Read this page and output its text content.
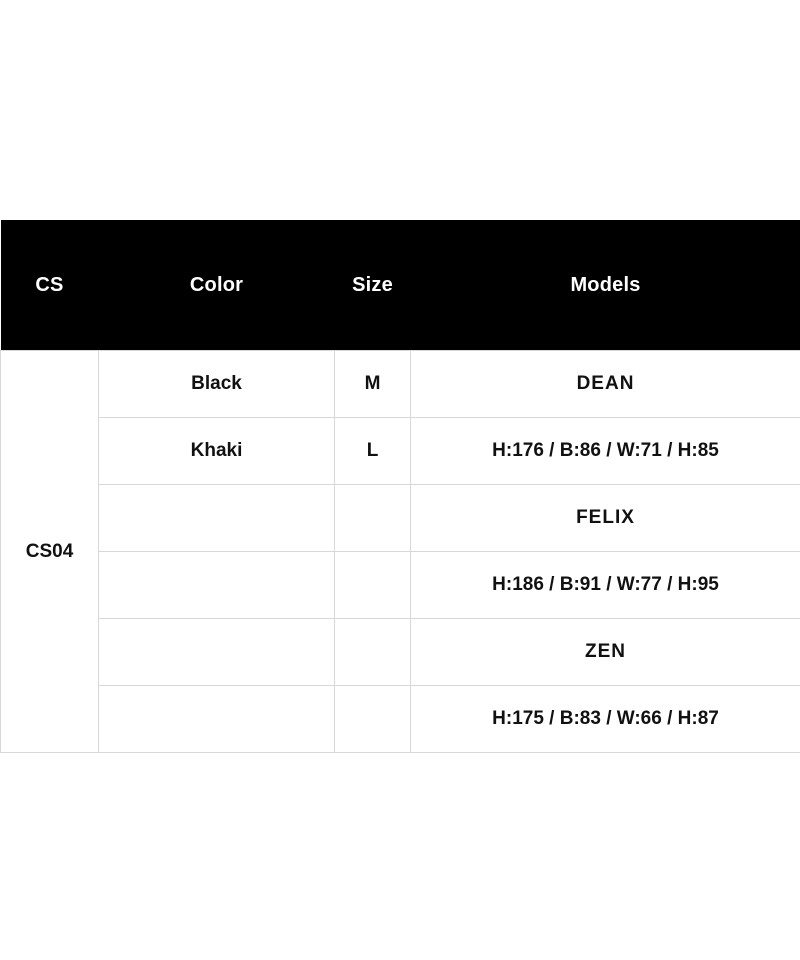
CS	Color	Size	Models
CS04	Black	M	DEAN
	Khaki	L	H:176 / B:86 / W:71 / H:85
			FELIX
			H:186 / B:91 / W:77 / H:95
			ZEN
			H:175 / B:83 / W:66 / H:87
